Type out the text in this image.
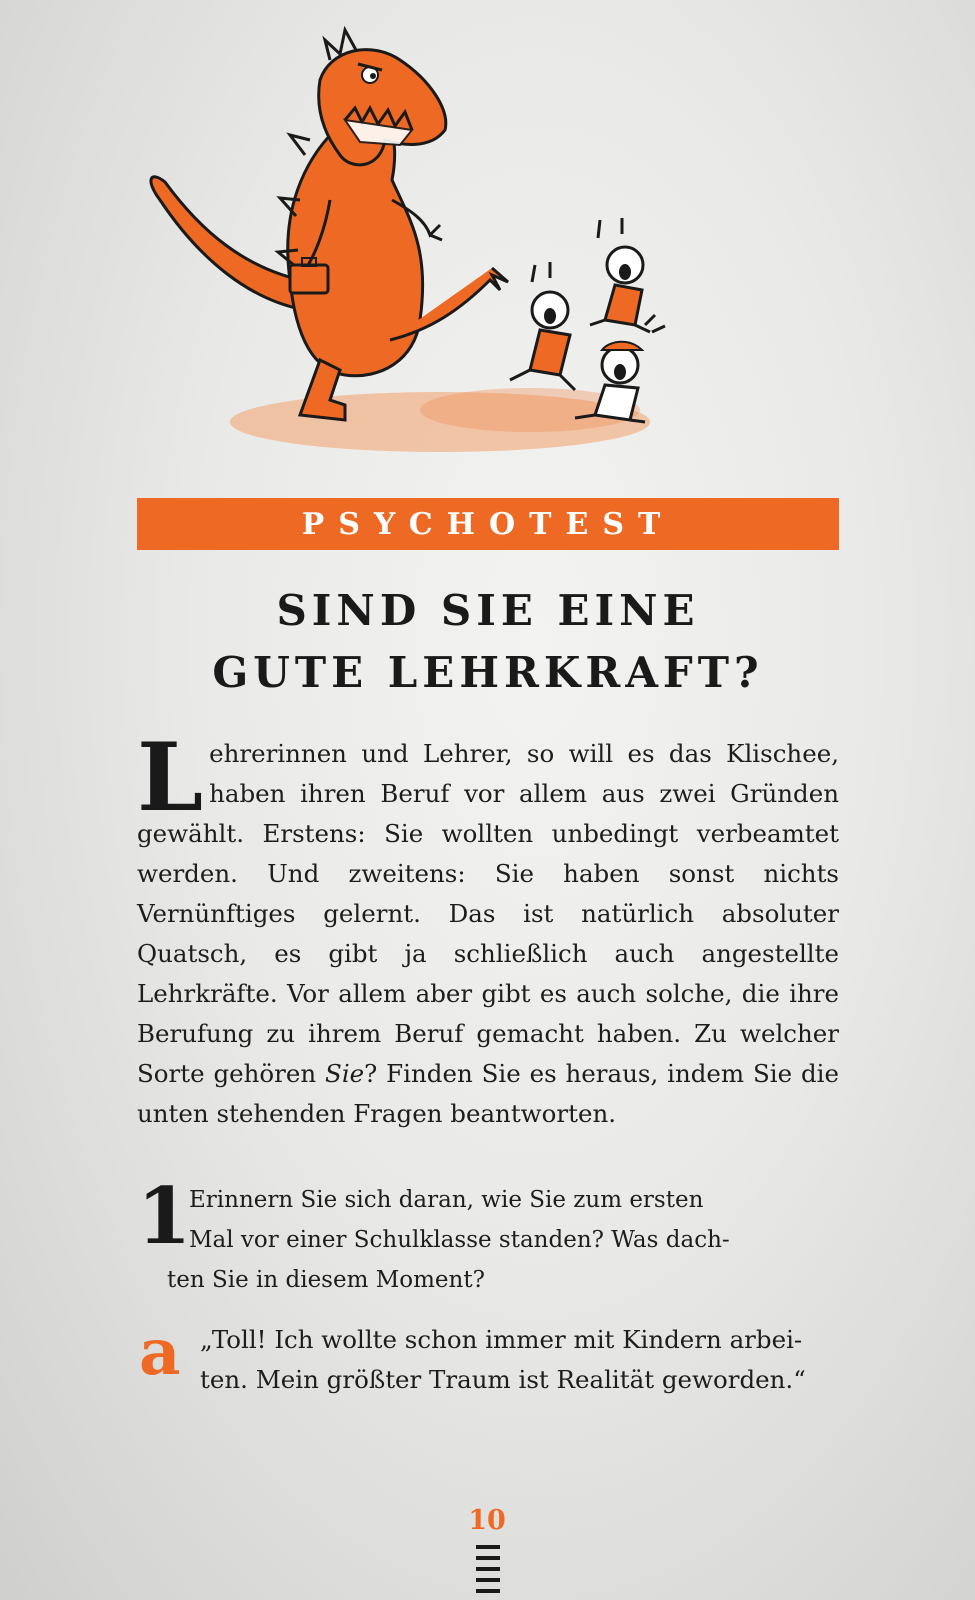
PSYCHOTEST
SIND SIE EINE
GUTE LEHRKRAFT?
Lehrerinnen und Lehrer, so will es das Klischee, haben ihren Beruf vor allem aus zwei Gründen gewählt. Erstens: Sie wollten unbedingt verbeamtet werden. Und zweitens: Sie haben sonst nichts Vernünftiges gelernt. Das ist natürlich absoluter Quatsch, es gibt ja schließlich auch angestellte Lehrkräfte. Vor allem aber gibt es auch solche, die ihre Berufung zu ihrem Beruf gemacht haben. Zu welcher Sorte gehören Sie? Finden Sie es heraus, indem Sie die unten stehenden Fragen beantworten.
1
Erinnern Sie sich daran, wie Sie zum ersten
Mal vor einer Schulklasse standen? Was dach-
ten Sie in diesem Moment?
a „Toll! Ich wollte schon immer mit Kindern arbei-
ten. Mein größter Traum ist Realität geworden.“
10
